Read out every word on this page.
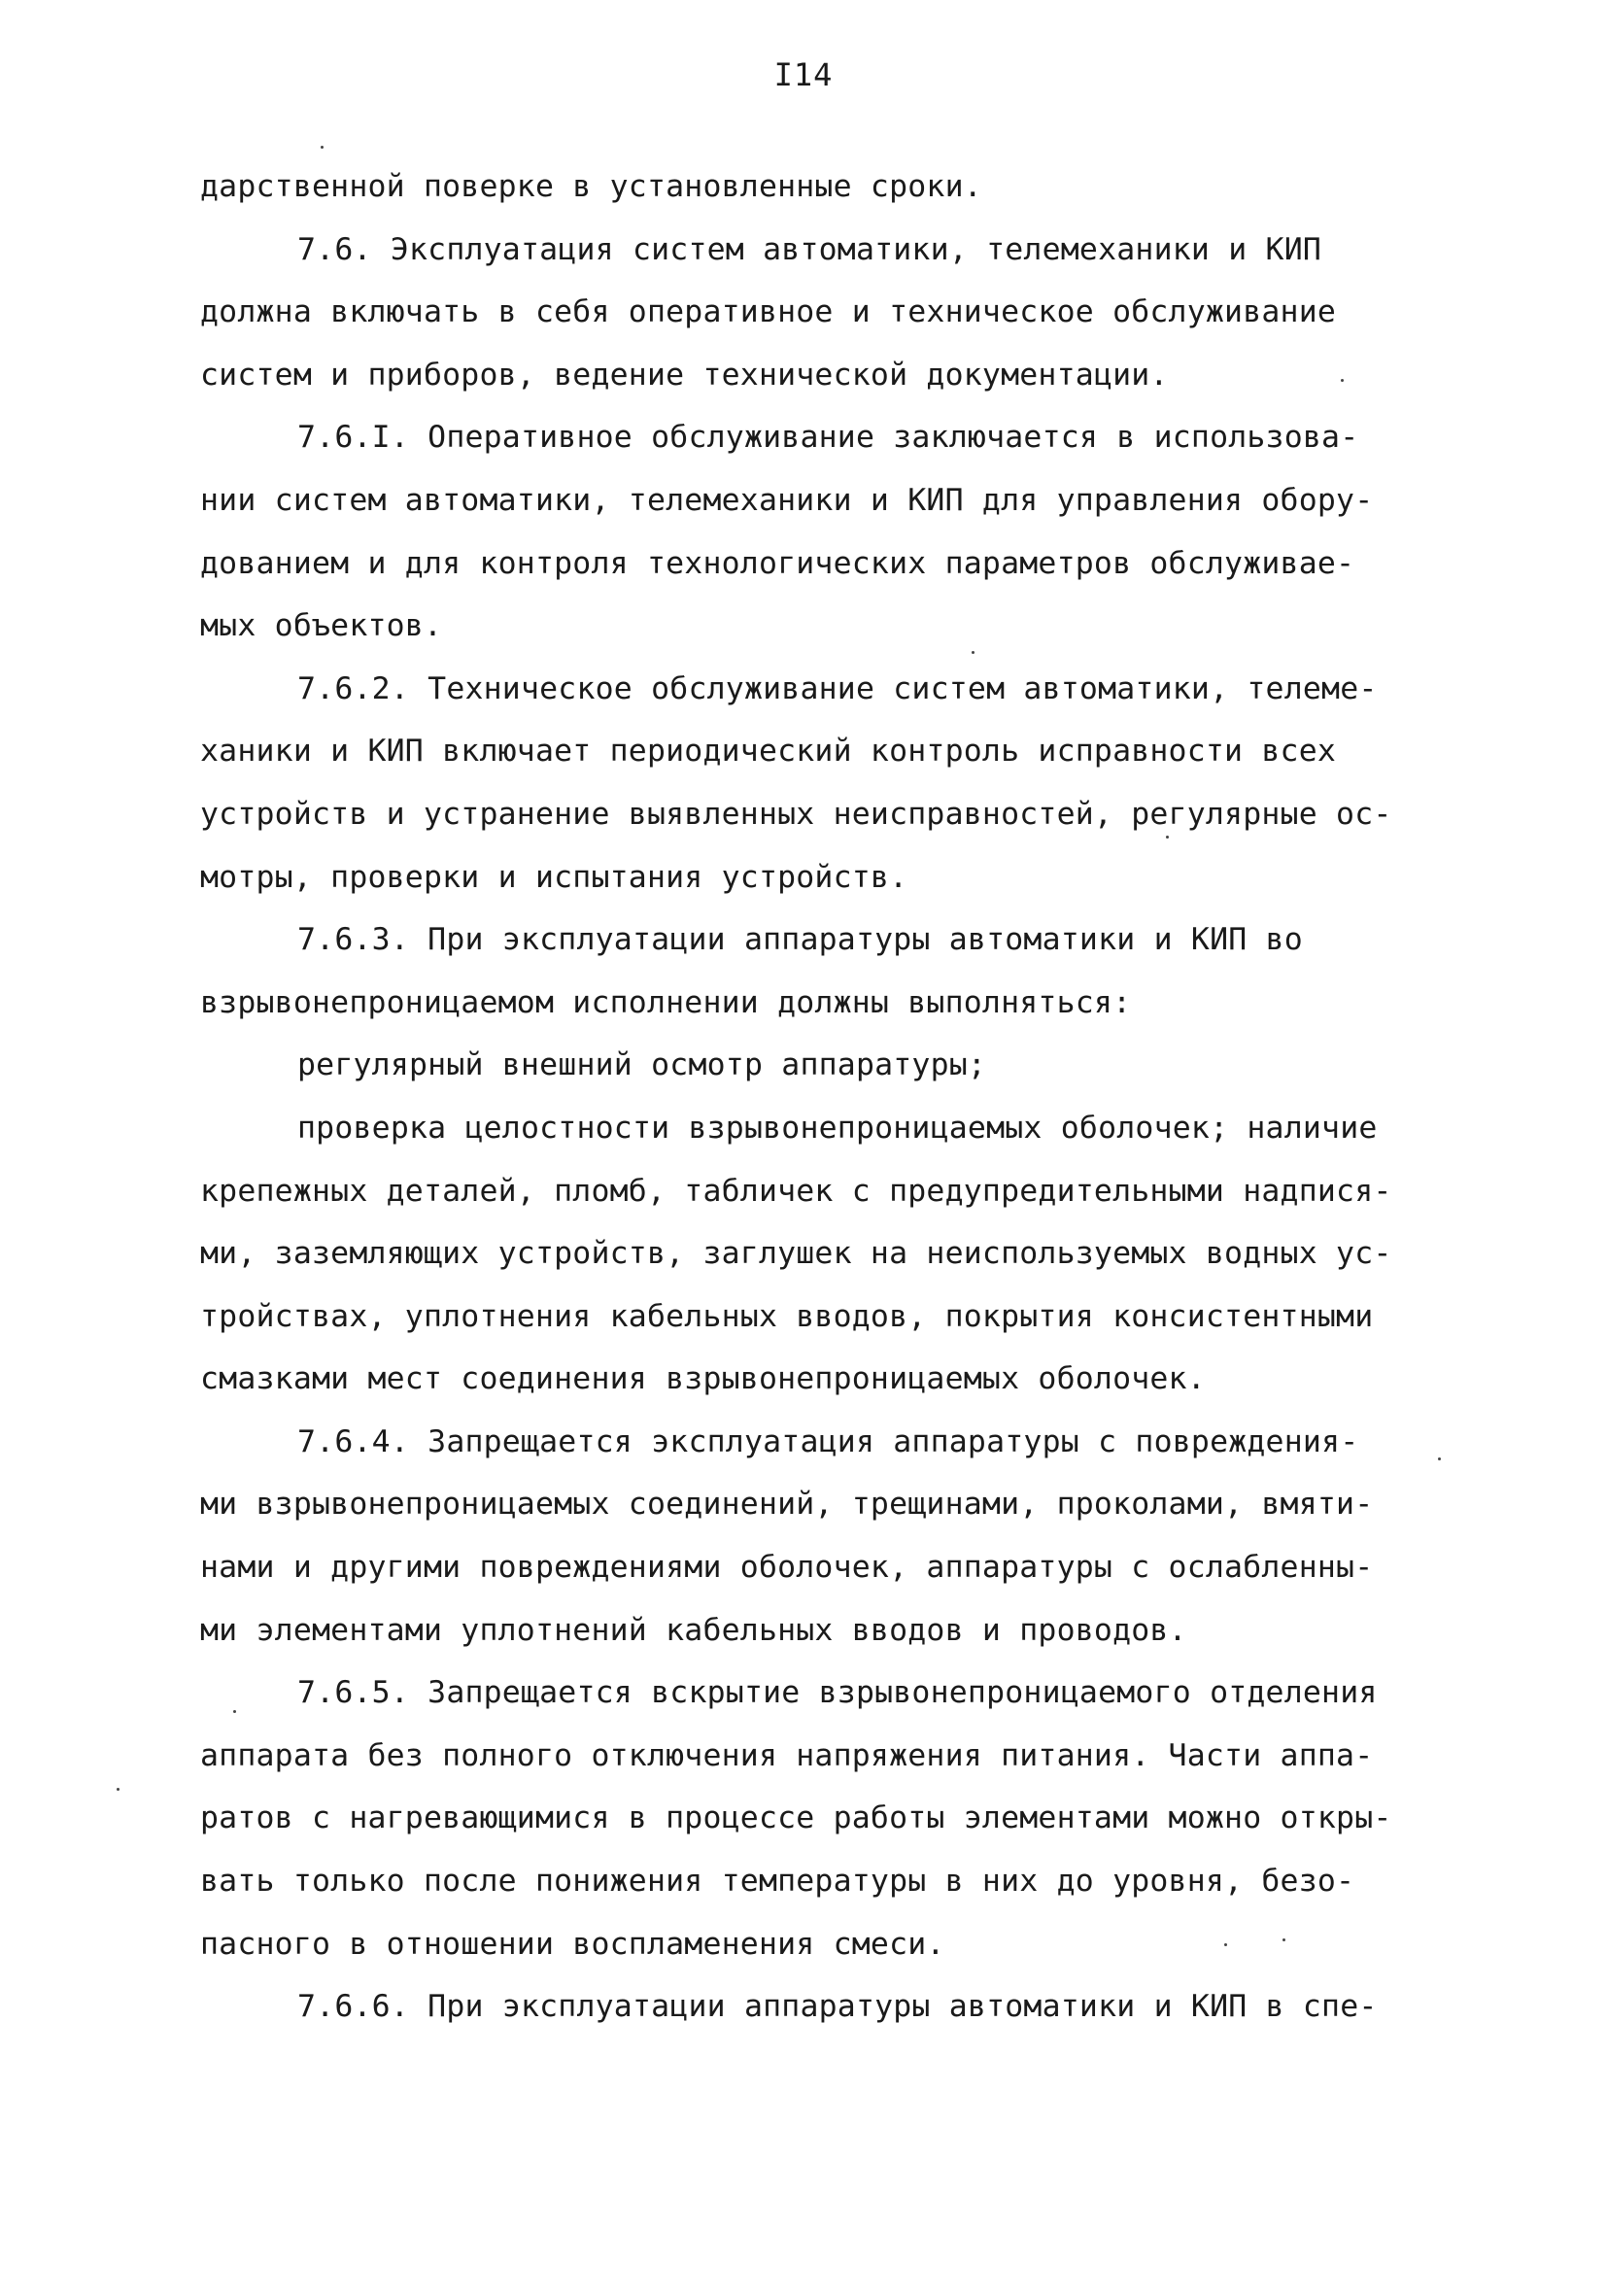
I14
дарственной поверке в установленные сроки.
7.6. Эксплуатация систем автоматики, телемеханики и КИП
должна включать в себя оперативное и техническое обслуживание
систем и приборов, ведение технической документации.
7.6.I. Оперативное обслуживание заключается в использова-
нии систем автоматики, телемеханики и КИП для управления обору-
дованием и для контроля технологических параметров обслуживае-
мых объектов.
7.6.2. Техническое обслуживание систем автоматики, телеме-
ханики и КИП включает периодический контроль исправности всех
устройств и устранение выявленных неисправностей, регулярные ос-
мотры, проверки и испытания устройств.
7.6.3. При эксплуатации аппаратуры автоматики и КИП во
взрывонепроницаемом исполнении должны выполняться:
регулярный внешний осмотр аппаратуры;
проверка целостности взрывонепроницаемых оболочек; наличие
крепежных деталей, пломб, табличек с предупредительными надпися-
ми, заземляющих устройств, заглушек на неиспользуемых водных ус-
тройствах, уплотнения кабельных вводов, покрытия консистентными
смазками мест соединения взрывонепроницаемых оболочек.
7.6.4. Запрещается эксплуатация аппаратуры с повреждения-
ми взрывонепроницаемых соединений, трещинами, проколами, вмяти-
нами и другими повреждениями оболочек, аппаратуры с ослабленны-
ми элементами уплотнений кабельных вводов и проводов.
7.6.5. Запрещается вскрытие взрывонепроницаемого отделения
аппарата без полного отключения напряжения питания. Части аппа-
ратов с нагревающимися в процессе работы элементами можно откры-
вать только после понижения температуры в них до уровня, безо-
пасного в отношении воспламенения смеси.
7.6.6. При эксплуатации аппаратуры автоматики и КИП в спе-
